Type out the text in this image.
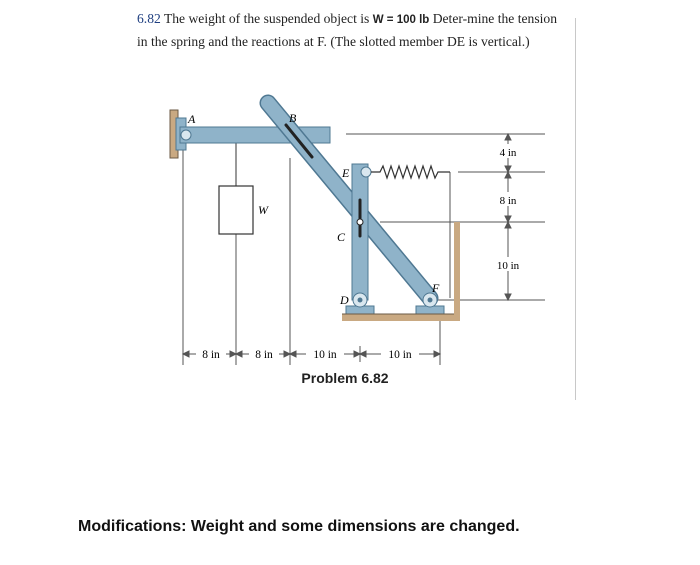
6.82 The weight of the suspended object is W = 100 lb Deter-mine the tension in the spring and the reactions at F. (The slotted member DE is vertical.)
W
A	B
C
E
D
F
4 in
8 in
10 in
8 in	8 in	10 in	10 in
Problem 6.82
Modifications: Weight and some dimensions are changed.
